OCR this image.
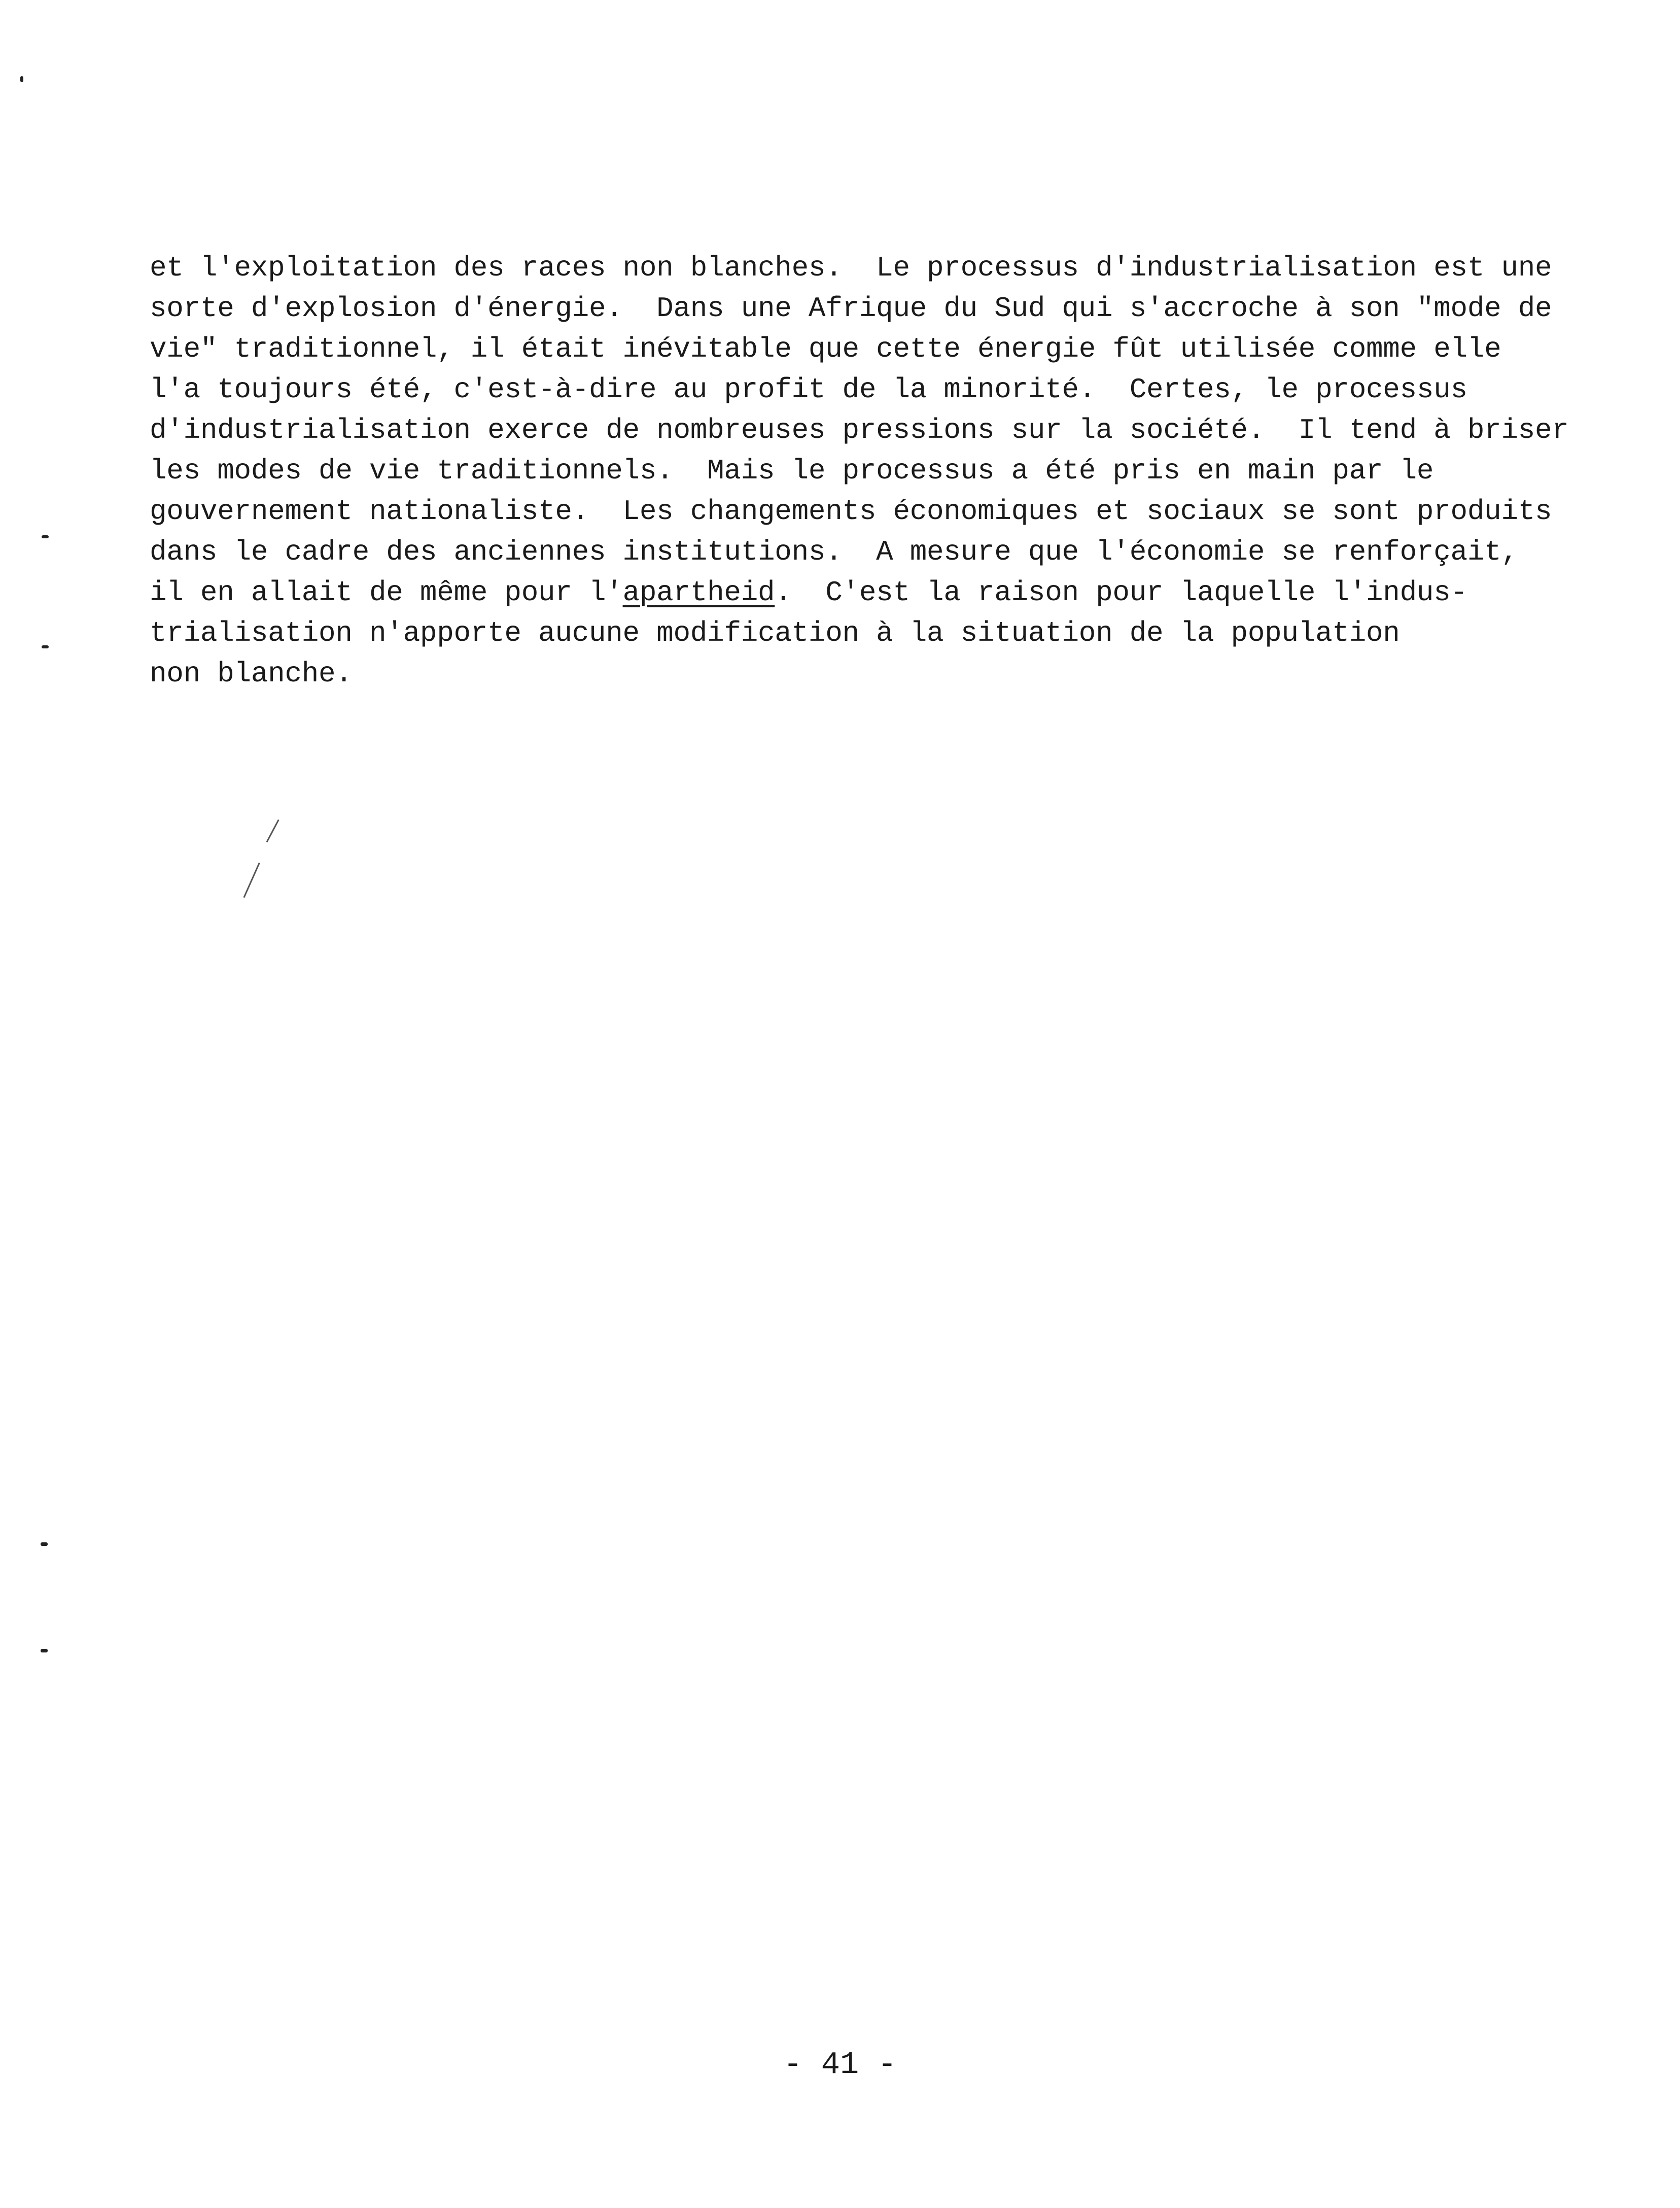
et l'exploitation des races non blanches.  Le processus d'industrialisation est une
sorte d'explosion d'énergie.  Dans une Afrique du Sud qui s'accroche à son "mode de
vie" traditionnel, il était inévitable que cette énergie fût utilisée comme elle
l'a toujours été, c'est-à-dire au profit de la minorité.  Certes, le processus
d'industrialisation exerce de nombreuses pressions sur la société.  Il tend à briser
les modes de vie traditionnels.  Mais le processus a été pris en main par le
gouvernement nationaliste.  Les changements économiques et sociaux se sont produits
dans le cadre des anciennes institutions.  A mesure que l'économie se renforçait,
il en allait de même pour l'apartheid.  C'est la raison pour laquelle l'indus-
trialisation n'apporte aucune modification à la situation de la population
non blanche.
- 41 -
